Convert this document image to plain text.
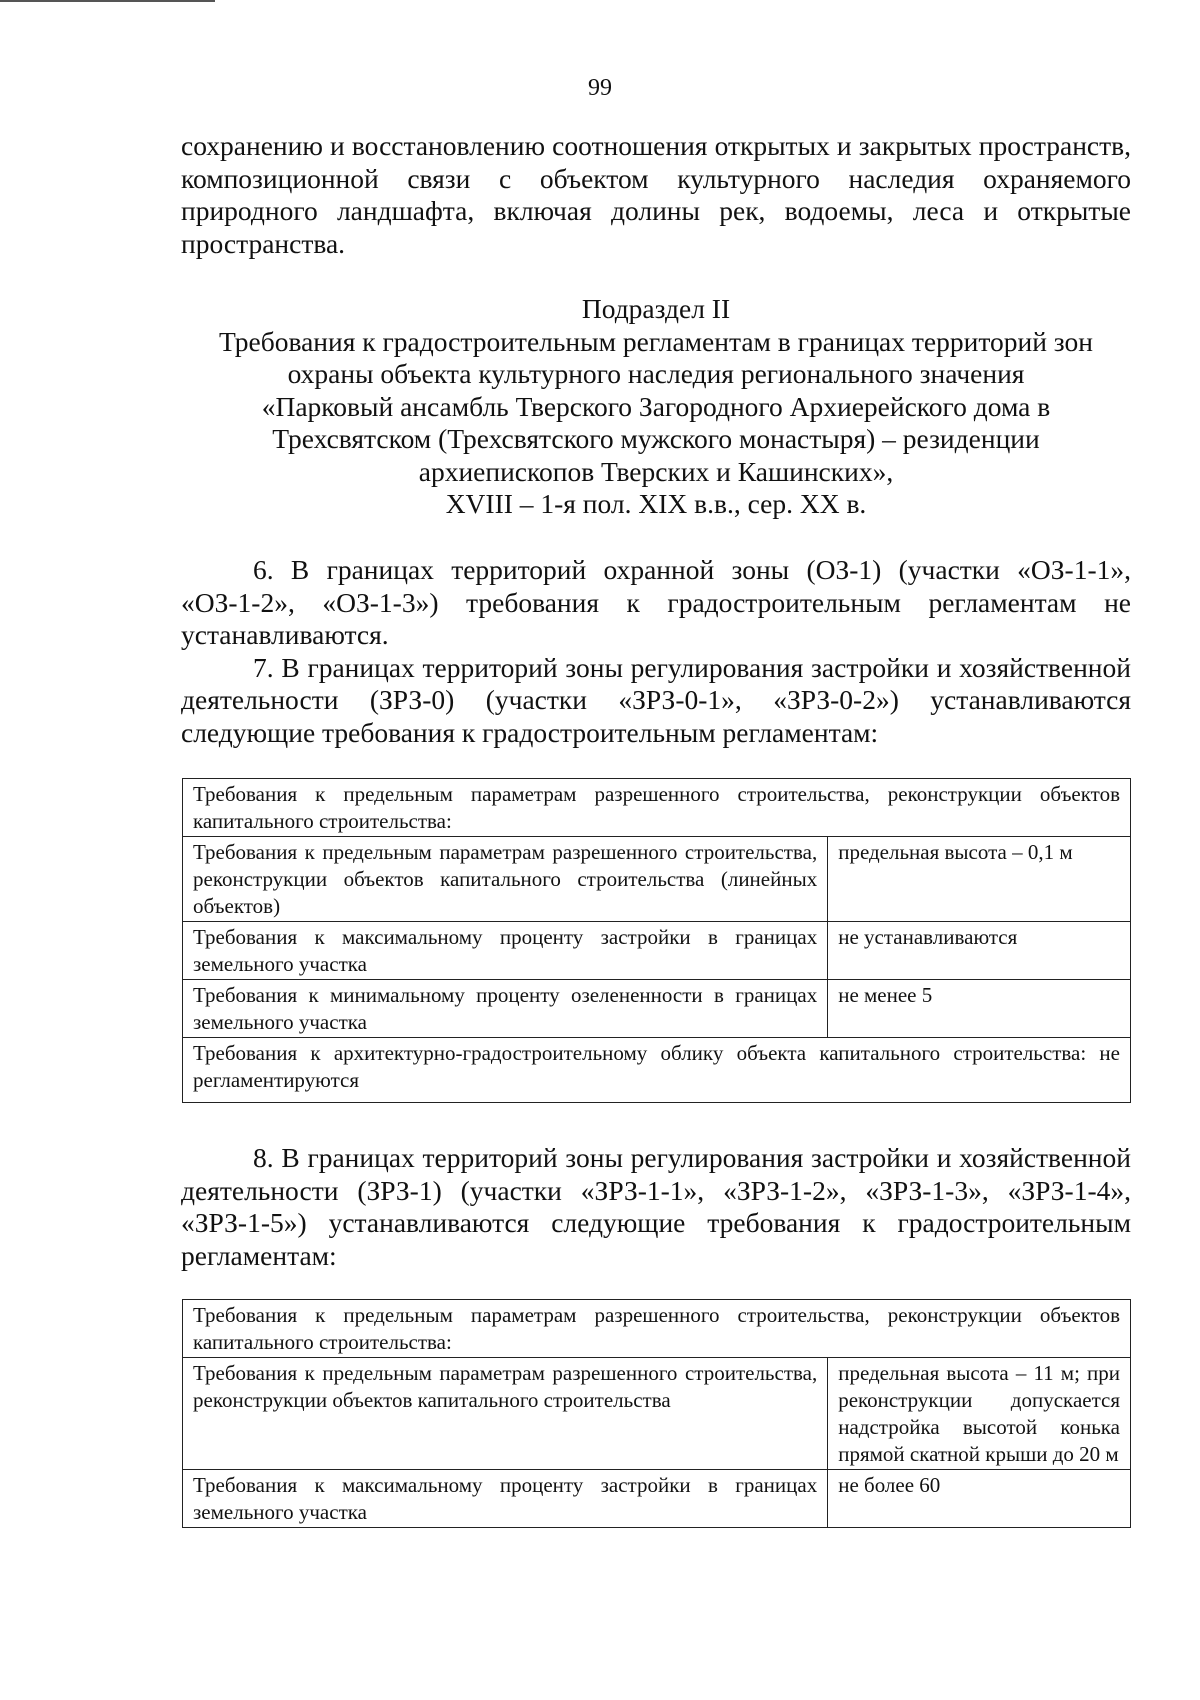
99

сохранению и восстановлению соотношения открытых и закрытых пространств, композиционной связи с объектом культурного наследия охраняемого природного ландшафта, включая долины рек, водоемы, леса и открытые пространства.

Подраздел II
Требования к градостроительным регламентам в границах территорий зон
охраны объекта культурного наследия регионального значения
«Парковый ансамбль Тверского Загородного Архиерейского дома в
Трехсвятском (Трехсвятского мужского монастыря) – резиденции
архиепископов Тверских и Кашинских»,
XVIII – 1-я пол. XIX в.в., сер. XX в.

6. В границах территорий охранной зоны (ОЗ-1) (участки «ОЗ-1-1», «ОЗ-1-2», «ОЗ-1-3») требования к градостроительным регламентам не устанавливаются.

7. В границах территорий зоны регулирования застройки и хозяйственной деятельности (ЗРЗ-0) (участки «ЗРЗ-0-1», «ЗРЗ-0-2») устанавливаются следующие требования к градостроительным регламентам:

Требования к предельным параметрам разрешенного строительства, реконструкции объектов капитального строительства:	
Требования к предельным параметрам разрешенного строительства, реконструкции объектов капитального строительства (линейных объектов)	предельная высота – 0,1 м
Требования к максимальному проценту застройки в границах земельного участка	не устанавливаются
Требования к минимальному проценту озелененности в границах земельного участка	не менее 5
Требования к архитектурно-градостроительному облику объекта капитального строительства: не регламентируются	

8. В границах территорий зоны регулирования застройки и хозяйственной деятельности (ЗРЗ-1) (участки «ЗРЗ-1-1», «ЗРЗ-1-2», «ЗРЗ-1-3», «ЗРЗ-1-4», «ЗРЗ-1-5») устанавливаются следующие требования к градостроительным регламентам:

Требования к предельным параметрам разрешенного строительства, реконструкции объектов капитального строительства:	
Требования к предельным параметрам разрешенного строительства, реконструкции объектов капитального строительства	предельная высота – 11 м; при реконструкции допускается надстройка высотой конька прямой скатной крыши до 20 м
Требования к максимальному проценту застройки в границах земельного участка	не более 60
